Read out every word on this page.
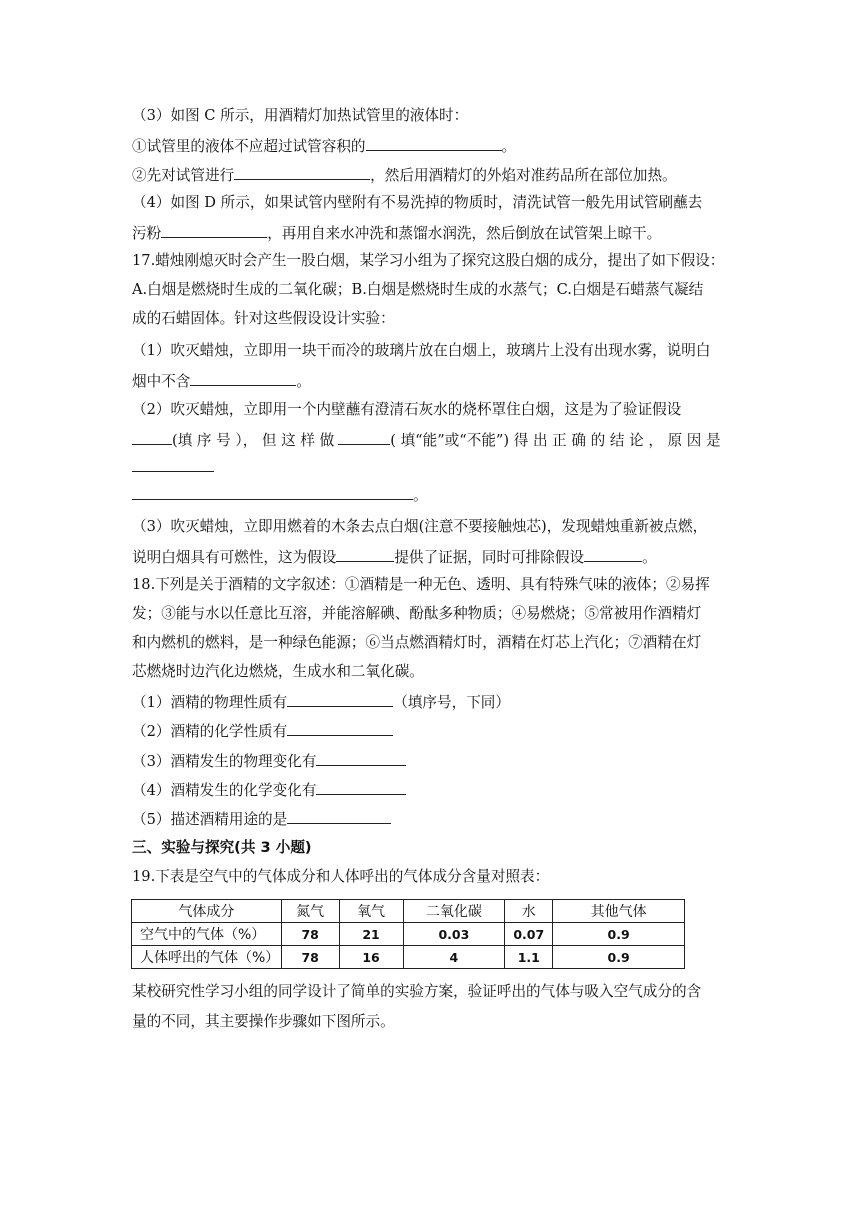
（3）如图 C 所示，用酒精灯加热试管里的液体时：
①试管里的液体不应超过试管容积的	。
②先对试管进行	，然后用酒精灯的外焰对准药品所在部位加热。
（4）如图 D 所示，如果试管内壁附有不易洗掉的物质时，清洗试管一般先用试管刷蘸去
污粉	，再用自来水冲洗和蒸馏水润洗，然后倒放在试管架上晾干。
17.蜡烛刚熄灭时会产生一股白烟，某学习小组为了探究这股白烟的成分，提出了如下假设：
A.白烟是燃烧时生成的二氧化碳；B.白烟是燃烧时生成的水蒸气；C.白烟是石蜡蒸气凝结
成的石蜡固体。针对这些假设设计实验：
（1）吹灭蜡烛，立即用一块干而冷的玻璃片放在白烟上，玻璃片上没有出现水雾，说明白
烟中不含	。
（2）吹灭蜡烛，立即用一个内壁蘸有澄清石灰水的烧杯罩住白烟，这是为了验证假设
(填 序 号 ）， 但 这 样 做	( 填“能”或“不能”) 得 出 正 确 的 结 论 ， 原 因 是
。
（3）吹灭蜡烛，立即用燃着的木条去点白烟(注意不要接触烛芯)，发现蜡烛重新被点燃，
说明白烟具有可燃性，这为假设	提供了证据，同时可排除假设	。
18.下列是关于酒精的文字叙述：①酒精是一种无色、透明、具有特殊气味的液体；②易挥
发；③能与水以任意比互溶，并能溶解碘、酚酞多种物质；④易燃烧；⑤常被用作酒精灯
和内燃机的燃料，是一种绿色能源；⑥当点燃酒精灯时，酒精在灯芯上汽化；⑦酒精在灯
芯燃烧时边汽化边燃烧，生成水和二氧化碳。
（1）酒精的物理性质有	（填序号，下同）
（2）酒精的化学性质有
（3）酒精发生的物理变化有
（4）酒精发生的化学变化有
（5）描述酒精用途的是
三、实验与探究(共 3 小题)
19.下表是空气中的气体成分和人体呼出的气体成分含量对照表：
气体成分	氮气	氧气	二氧化碳	水	其他气体
空气中的气体（%）	78	21	0.03	0.07	0.9
人体呼出的气体（%）	78	16	4	1.1	0.9
某校研究性学习小组的同学设计了简单的实验方案，验证呼出的气体与吸入空气成分的含
量的不同，其主要操作步骤如下图所示。
